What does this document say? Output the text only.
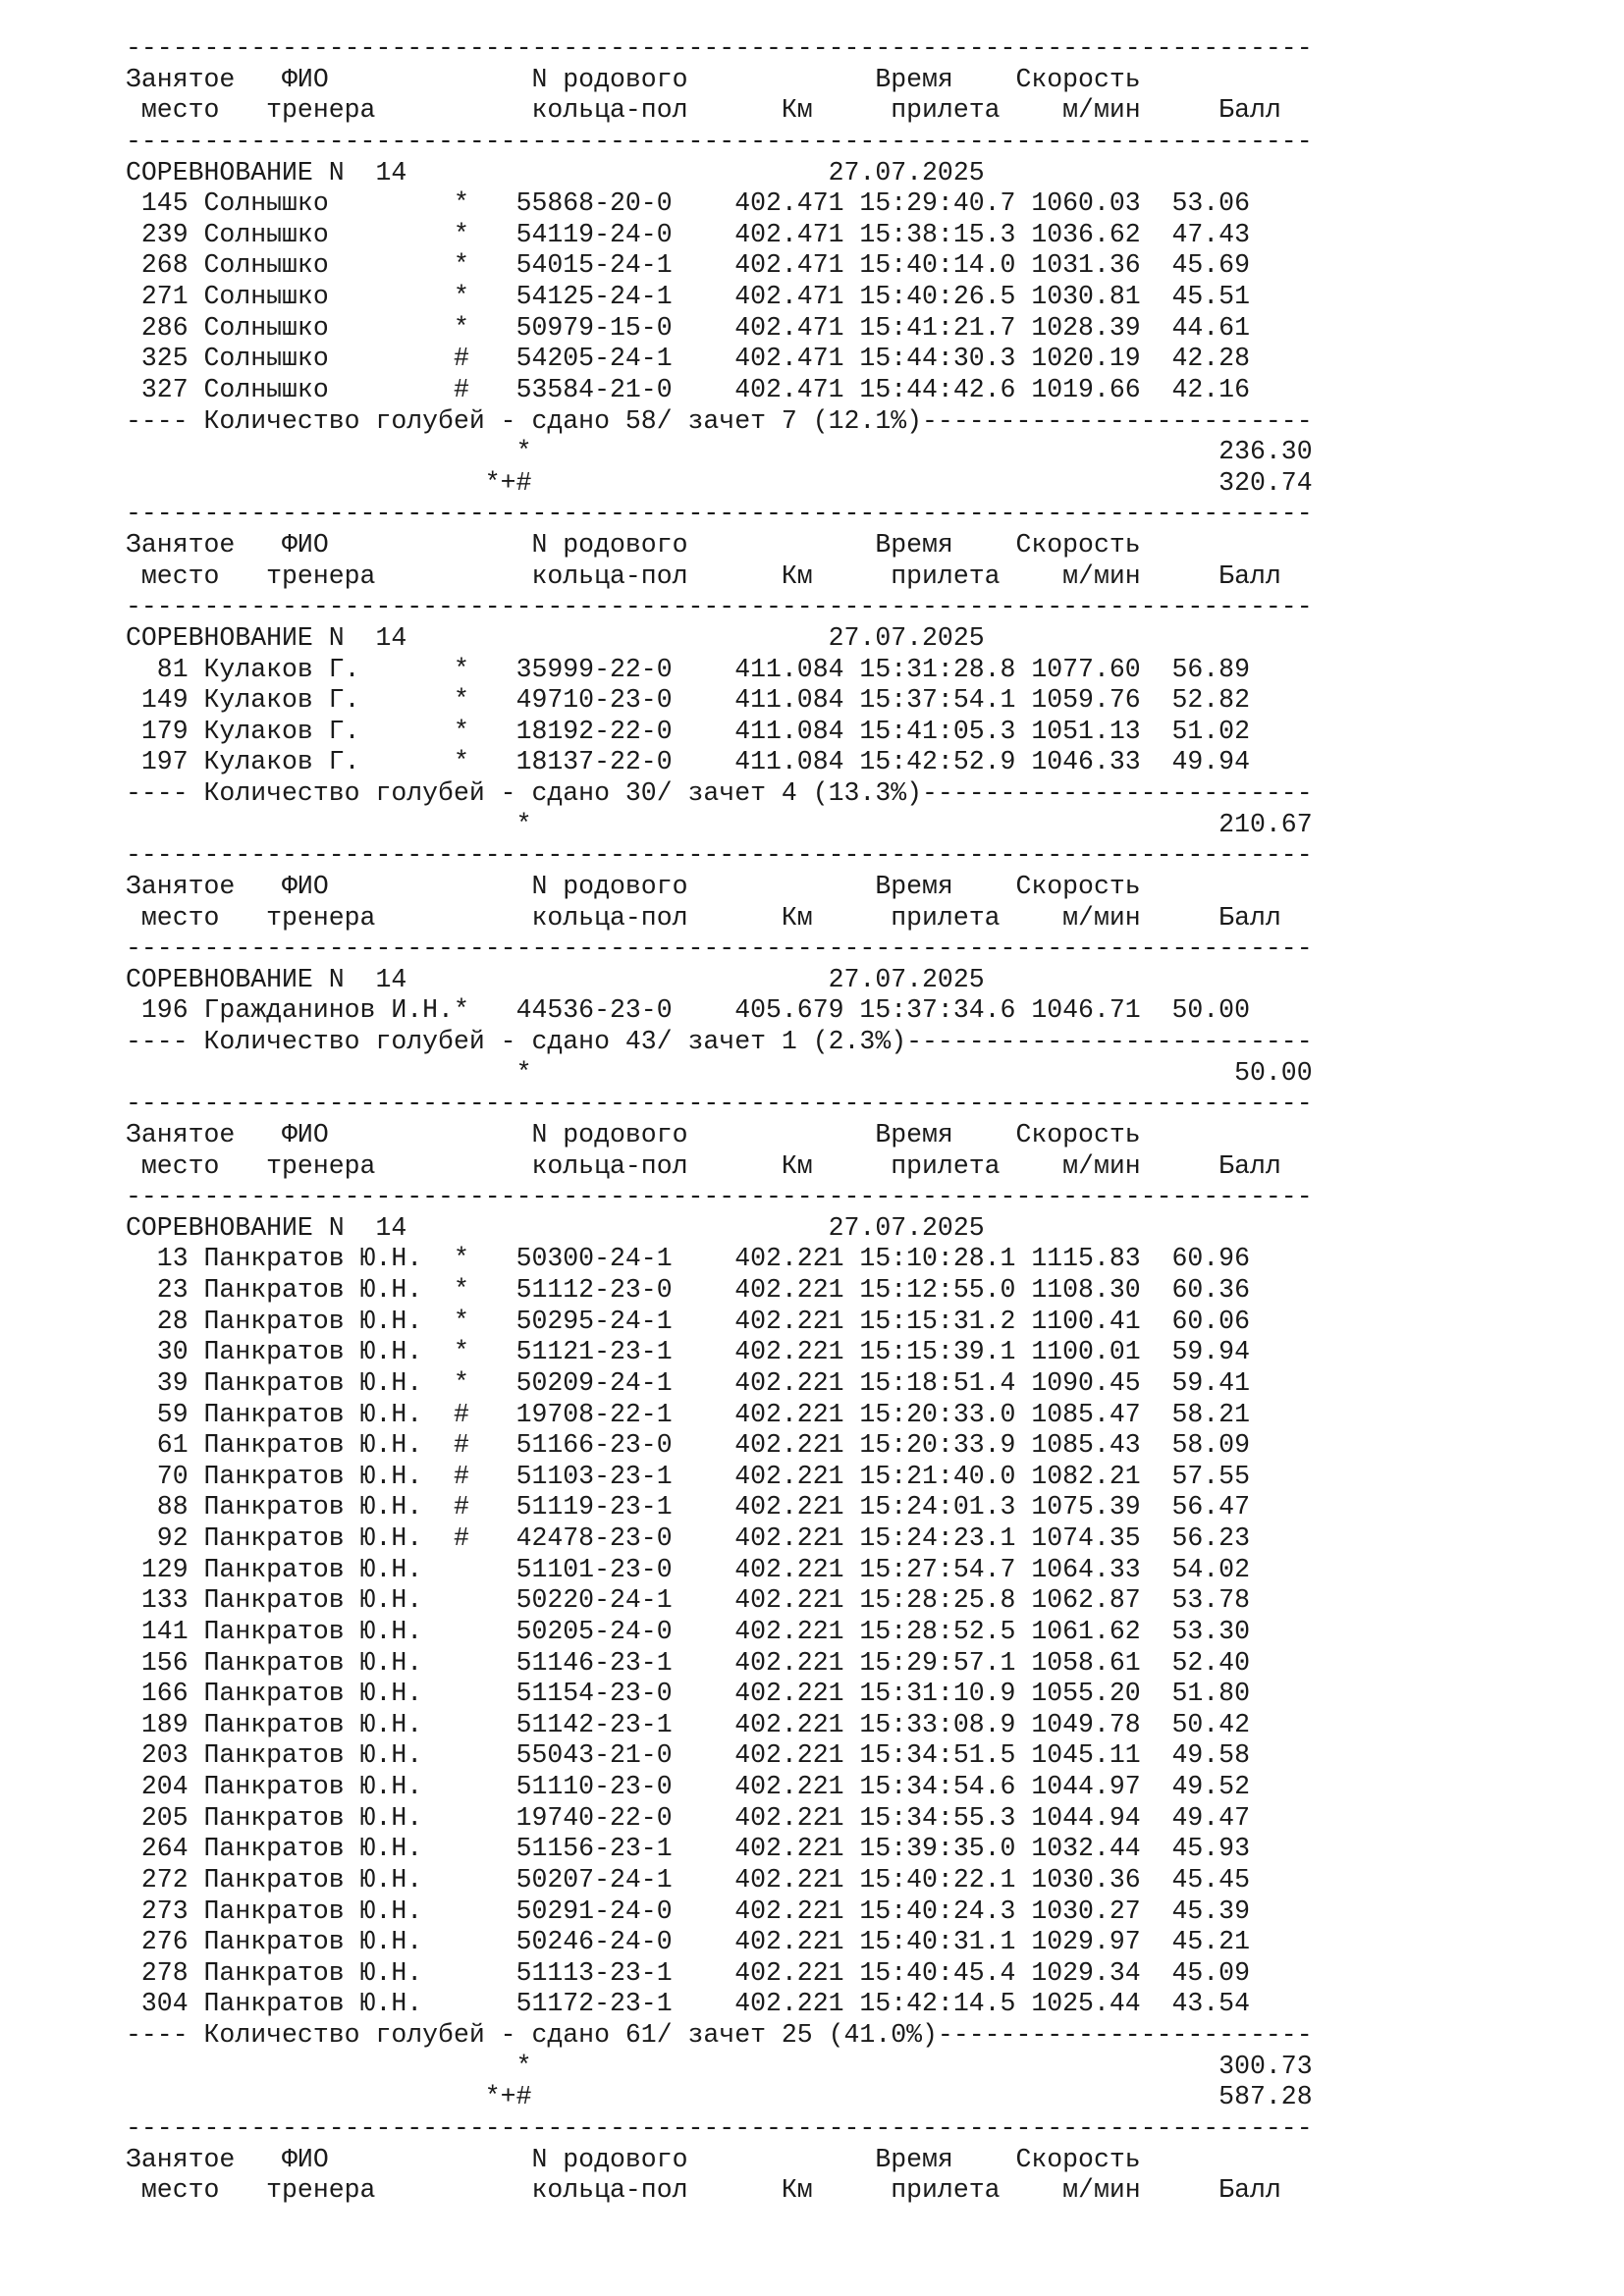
----------------------------------------------------------------------------
Занятое   ФИО             N родового            Время    Скорость
место   тренера          кольца-пол      Км     прилета    м/мин     Балл
----------------------------------------------------------------------------
СОРЕВНОВАНИЕ N  14                           27.07.2025
145 Солнышко        *   55868-20-0    402.471 15:29:40.7 1060.03  53.06
239 Солнышко        *   54119-24-0    402.471 15:38:15.3 1036.62  47.43
268 Солнышко        *   54015-24-1    402.471 15:40:14.0 1031.36  45.69
271 Солнышко        *   54125-24-1    402.471 15:40:26.5 1030.81  45.51
286 Солнышко        *   50979-15-0    402.471 15:41:21.7 1028.39  44.61
325 Солнышко        #   54205-24-1    402.471 15:44:30.3 1020.19  42.28
327 Солнышко        #   53584-21-0    402.471 15:44:42.6 1019.66  42.16
---- Количество голубей - сдано 58/ зачет 7 (12.1%)-------------------------
*                                            236.30
*+#                                            320.74
----------------------------------------------------------------------------
Занятое   ФИО             N родового            Время    Скорость
место   тренера          кольца-пол      Км     прилета    м/мин     Балл
----------------------------------------------------------------------------
СОРЕВНОВАНИЕ N  14                           27.07.2025
81 Кулаков Г.      *   35999-22-0    411.084 15:31:28.8 1077.60  56.89
149 Кулаков Г.      *   49710-23-0    411.084 15:37:54.1 1059.76  52.82
179 Кулаков Г.      *   18192-22-0    411.084 15:41:05.3 1051.13  51.02
197 Кулаков Г.      *   18137-22-0    411.084 15:42:52.9 1046.33  49.94
---- Количество голубей - сдано 30/ зачет 4 (13.3%)-------------------------
*                                            210.67
----------------------------------------------------------------------------
Занятое   ФИО             N родового            Время    Скорость
место   тренера          кольца-пол      Км     прилета    м/мин     Балл
----------------------------------------------------------------------------
СОРЕВНОВАНИЕ N  14                           27.07.2025
196 Гражданинов И.Н.*   44536-23-0    405.679 15:37:34.6 1046.71  50.00
---- Количество голубей - сдано 43/ зачет 1 (2.3%)--------------------------
*                                             50.00
----------------------------------------------------------------------------
Занятое   ФИО             N родового            Время    Скорость
место   тренера          кольца-пол      Км     прилета    м/мин     Балл
----------------------------------------------------------------------------
СОРЕВНОВАНИЕ N  14                           27.07.2025
13 Панкратов Ю.Н.  *   50300-24-1    402.221 15:10:28.1 1115.83  60.96
23 Панкратов Ю.Н.  *   51112-23-0    402.221 15:12:55.0 1108.30  60.36
28 Панкратов Ю.Н.  *   50295-24-1    402.221 15:15:31.2 1100.41  60.06
30 Панкратов Ю.Н.  *   51121-23-1    402.221 15:15:39.1 1100.01  59.94
39 Панкратов Ю.Н.  *   50209-24-1    402.221 15:18:51.4 1090.45  59.41
59 Панкратов Ю.Н.  #   19708-22-1    402.221 15:20:33.0 1085.47  58.21
61 Панкратов Ю.Н.  #   51166-23-0    402.221 15:20:33.9 1085.43  58.09
70 Панкратов Ю.Н.  #   51103-23-1    402.221 15:21:40.0 1082.21  57.55
88 Панкратов Ю.Н.  #   51119-23-1    402.221 15:24:01.3 1075.39  56.47
92 Панкратов Ю.Н.  #   42478-23-0    402.221 15:24:23.1 1074.35  56.23
129 Панкратов Ю.Н.      51101-23-0    402.221 15:27:54.7 1064.33  54.02
133 Панкратов Ю.Н.      50220-24-1    402.221 15:28:25.8 1062.87  53.78
141 Панкратов Ю.Н.      50205-24-0    402.221 15:28:52.5 1061.62  53.30
156 Панкратов Ю.Н.      51146-23-1    402.221 15:29:57.1 1058.61  52.40
166 Панкратов Ю.Н.      51154-23-0    402.221 15:31:10.9 1055.20  51.80
189 Панкратов Ю.Н.      51142-23-1    402.221 15:33:08.9 1049.78  50.42
203 Панкратов Ю.Н.      55043-21-0    402.221 15:34:51.5 1045.11  49.58
204 Панкратов Ю.Н.      51110-23-0    402.221 15:34:54.6 1044.97  49.52
205 Панкратов Ю.Н.      19740-22-0    402.221 15:34:55.3 1044.94  49.47
264 Панкратов Ю.Н.      51156-23-1    402.221 15:39:35.0 1032.44  45.93
272 Панкратов Ю.Н.      50207-24-1    402.221 15:40:22.1 1030.36  45.45
273 Панкратов Ю.Н.      50291-24-0    402.221 15:40:24.3 1030.27  45.39
276 Панкратов Ю.Н.      50246-24-0    402.221 15:40:31.1 1029.97  45.21
278 Панкратов Ю.Н.      51113-23-1    402.221 15:40:45.4 1029.34  45.09
304 Панкратов Ю.Н.      51172-23-1    402.221 15:42:14.5 1025.44  43.54
---- Количество голубей - сдано 61/ зачет 25 (41.0%)------------------------
*                                            300.73
*+#                                            587.28
----------------------------------------------------------------------------
Занятое   ФИО             N родового            Время    Скорость
место   тренера          кольца-пол      Км     прилета    м/мин     Балл
